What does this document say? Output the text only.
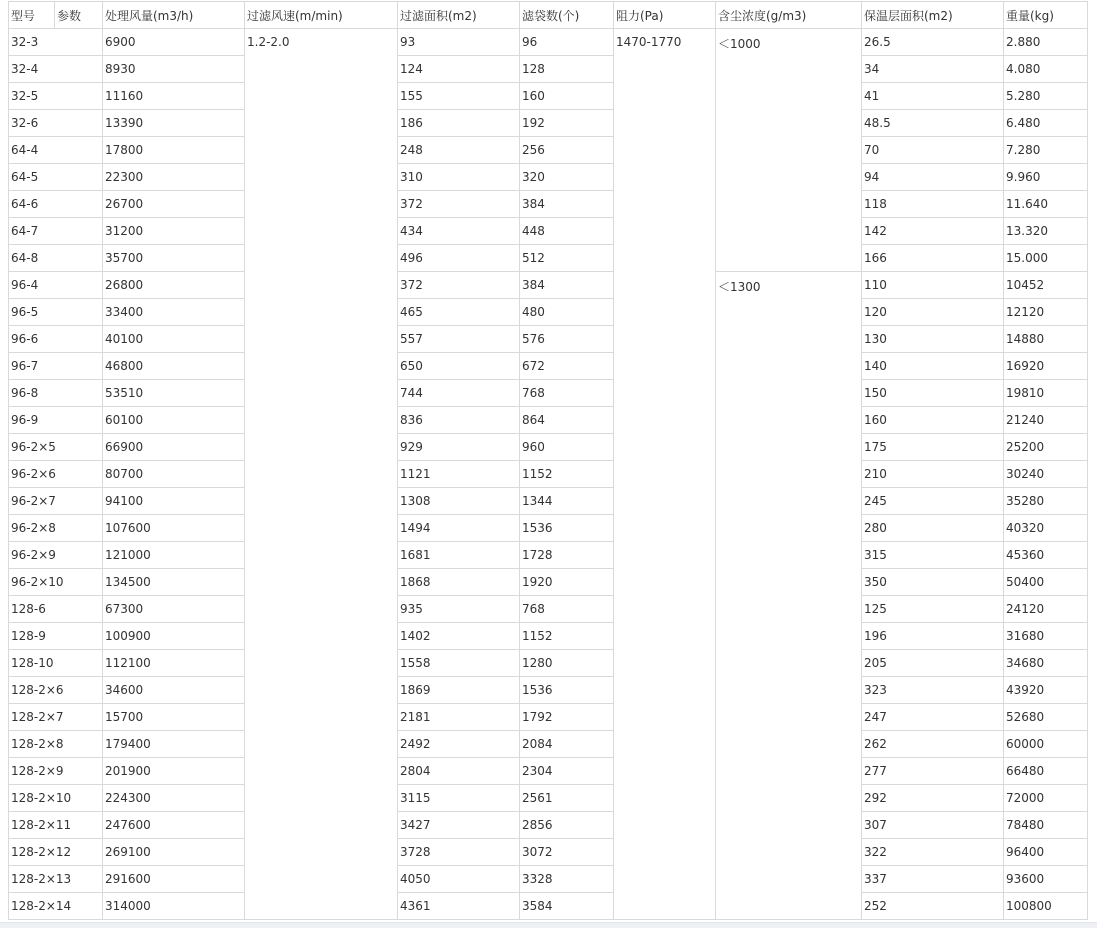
型号	参数	处理风量(m3/h)	过滤风速(m/min)	过滤面积(m2)	滤袋数(个)	阻力(Pa)	含尘浓度(g/m3)	保温层面积(m2)	重量(kg)
32-3		6900	1.2-2.0	93	96	1470-1770	＜1000	26.5	2.880
32-4		8930		124	128			34	4.080
32-5		11160		155	160			41	5.280
32-6		13390		186	192			48.5	6.480
64-4		17800		248	256			70	7.280
64-5		22300		310	320			94	9.960
64-6		26700		372	384			118	11.640
64-7		31200		434	448			142	13.320
64-8		35700		496	512			166	15.000
96-4		26800		372	384		＜1300	110	10452
96-5		33400		465	480			120	12120
96-6		40100		557	576			130	14880
96-7		46800		650	672			140	16920
96-8		53510		744	768			150	19810
96-9		60100		836	864			160	21240
96-2×5		66900		929	960			175	25200
96-2×6		80700		1121	1152			210	30240
96-2×7		94100		1308	1344			245	35280
96-2×8		107600		1494	1536			280	40320
96-2×9		121000		1681	1728			315	45360
96-2×10		134500		1868	1920			350	50400
128-6		67300		935	768			125	24120
128-9		100900		1402	1152			196	31680
128-10		112100		1558	1280			205	34680
128-2×6		34600		1869	1536			323	43920
128-2×7		15700		2181	1792			247	52680
128-2×8		179400		2492	2084			262	60000
128-2×9		201900		2804	2304			277	66480
128-2×10		224300		3115	2561			292	72000
128-2×11		247600		3427	2856			307	78480
128-2×12		269100		3728	3072			322	96400
128-2×13		291600		4050	3328			337	93600
128-2×14		314000		4361	3584			252	100800
